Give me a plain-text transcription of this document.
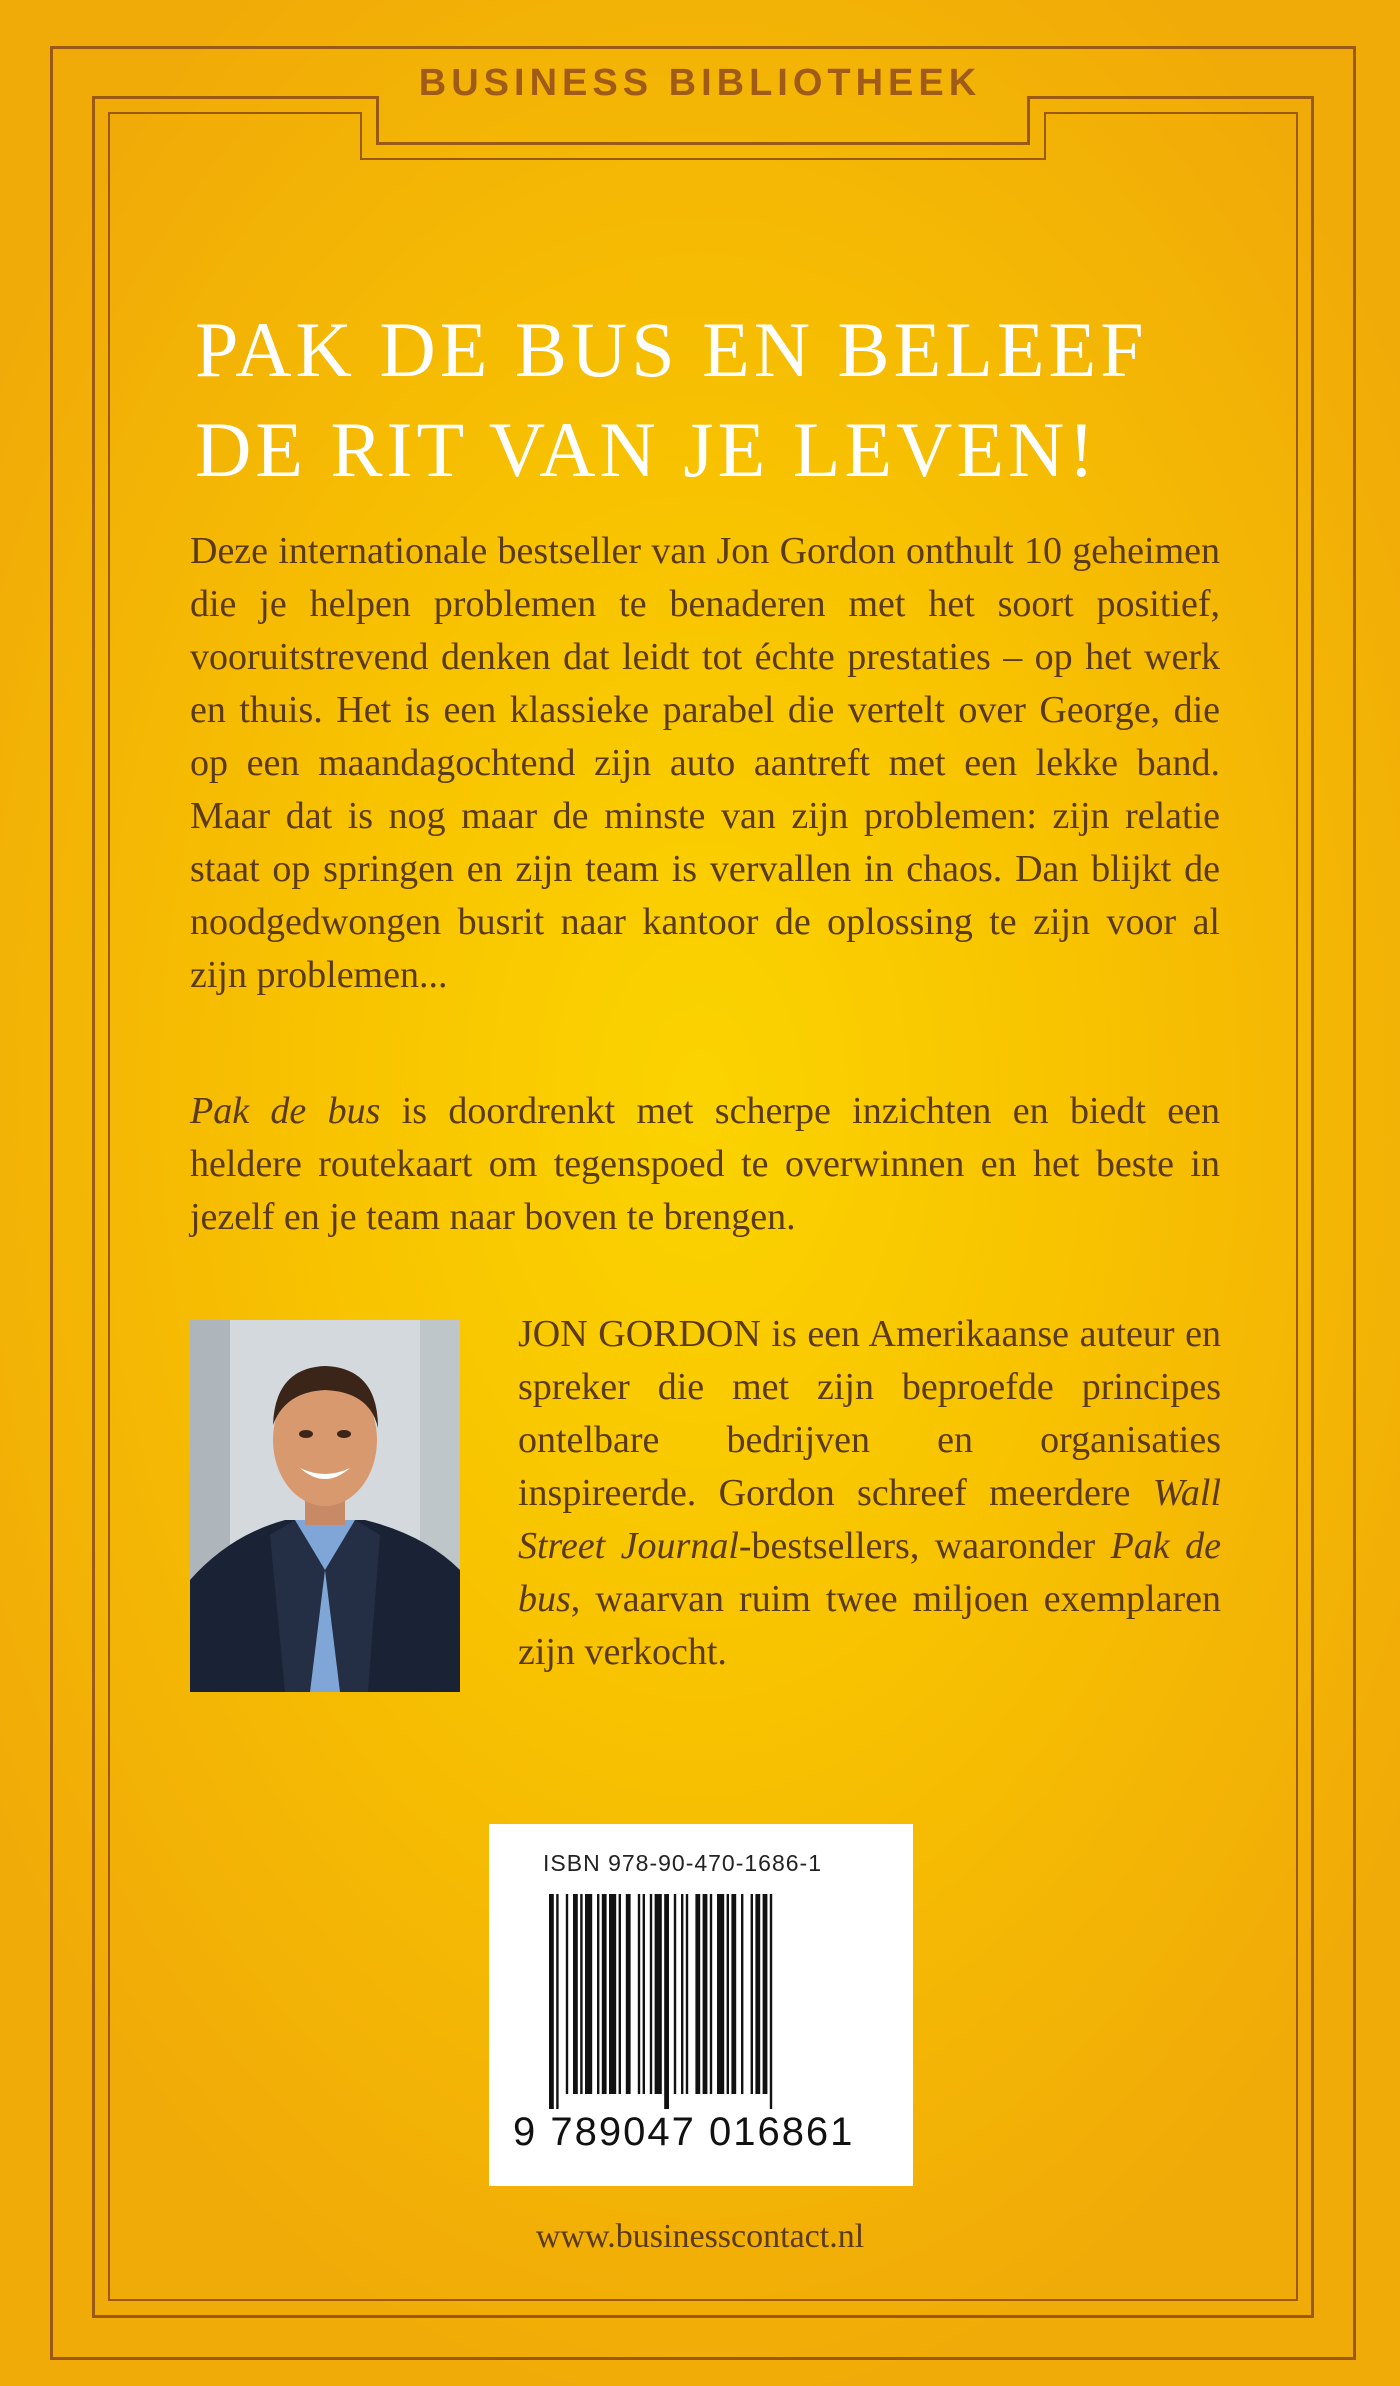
BUSINESS BIBLIOTHEEK
PAK DE BUS EN BELEEF
DE RIT VAN JE LEVEN!
Deze internationale bestseller van Jon Gordon onthult 10 geheimen die je helpen problemen te benaderen met het soort positief, vooruitstrevend denken dat leidt tot échte prestaties – op het werk en thuis. Het is een klassieke parabel die vertelt over George, die op een maandagochtend zijn auto aantreft met een lekke band. Maar dat is nog maar de minste van zijn problemen: zijn relatie staat op springen en zijn team is vervallen in chaos. Dan blijkt de noodgedwongen busrit naar kantoor de oplossing te zijn voor al zijn problemen...
Pak de bus is doordrenkt met scherpe inzichten en biedt een heldere routekaart om tegenspoed te overwinnen en het beste in jezelf en je team naar boven te brengen.
JON GORDON is een Amerikaanse auteur en spreker die met zijn beproefde principes ontelbare bedrijven en organisaties inspireerde. Gordon schreef meerdere Wall Street Journal-bestsellers, waaronder Pak de bus, waarvan ruim twee miljoen exemplaren zijn verkocht.
ISBN 978-90-470-1686-1
9 789047 016861
www.businesscontact.nl
